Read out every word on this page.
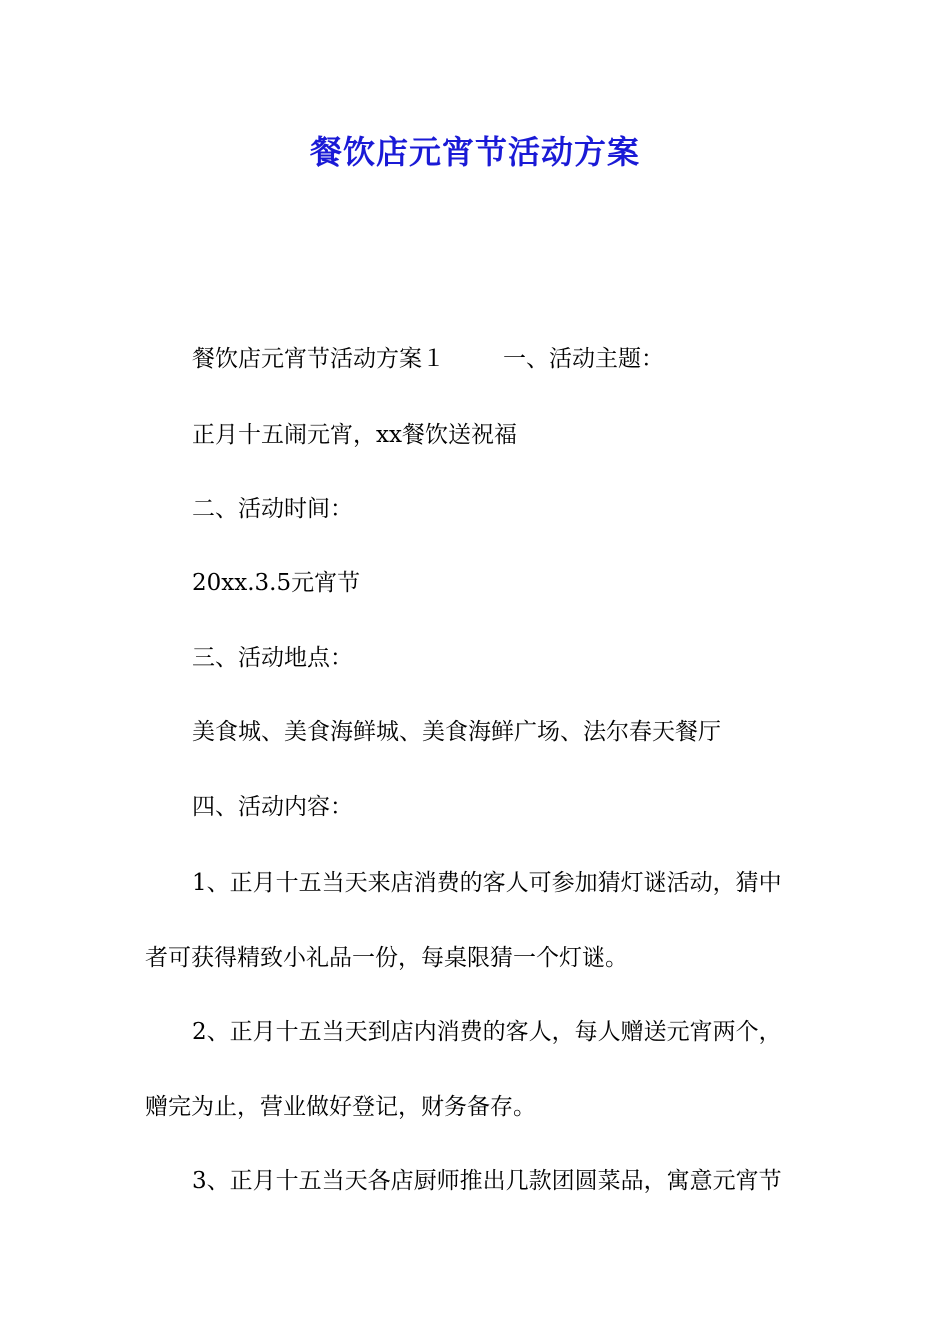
餐饮店元宵节活动方案
餐饮店元宵节活动方案１	一、活动主题：
正月十五闹元宵，xx餐饮送祝福
二、活动时间：
20xx.3.5元宵节
三、活动地点：
美食城、美食海鲜城、美食海鲜广场、法尔春天餐厅
四、活动内容：
1、正月十五当天来店消费的客人可参加猜灯谜活动，猜中
者可获得精致小礼品一份，每桌限猜一个灯谜。
2、正月十五当天到店内消费的客人，每人赠送元宵两个，
赠完为止，营业做好登记，财务备存。
3、正月十五当天各店厨师推出几款团圆菜品，寓意元宵节
